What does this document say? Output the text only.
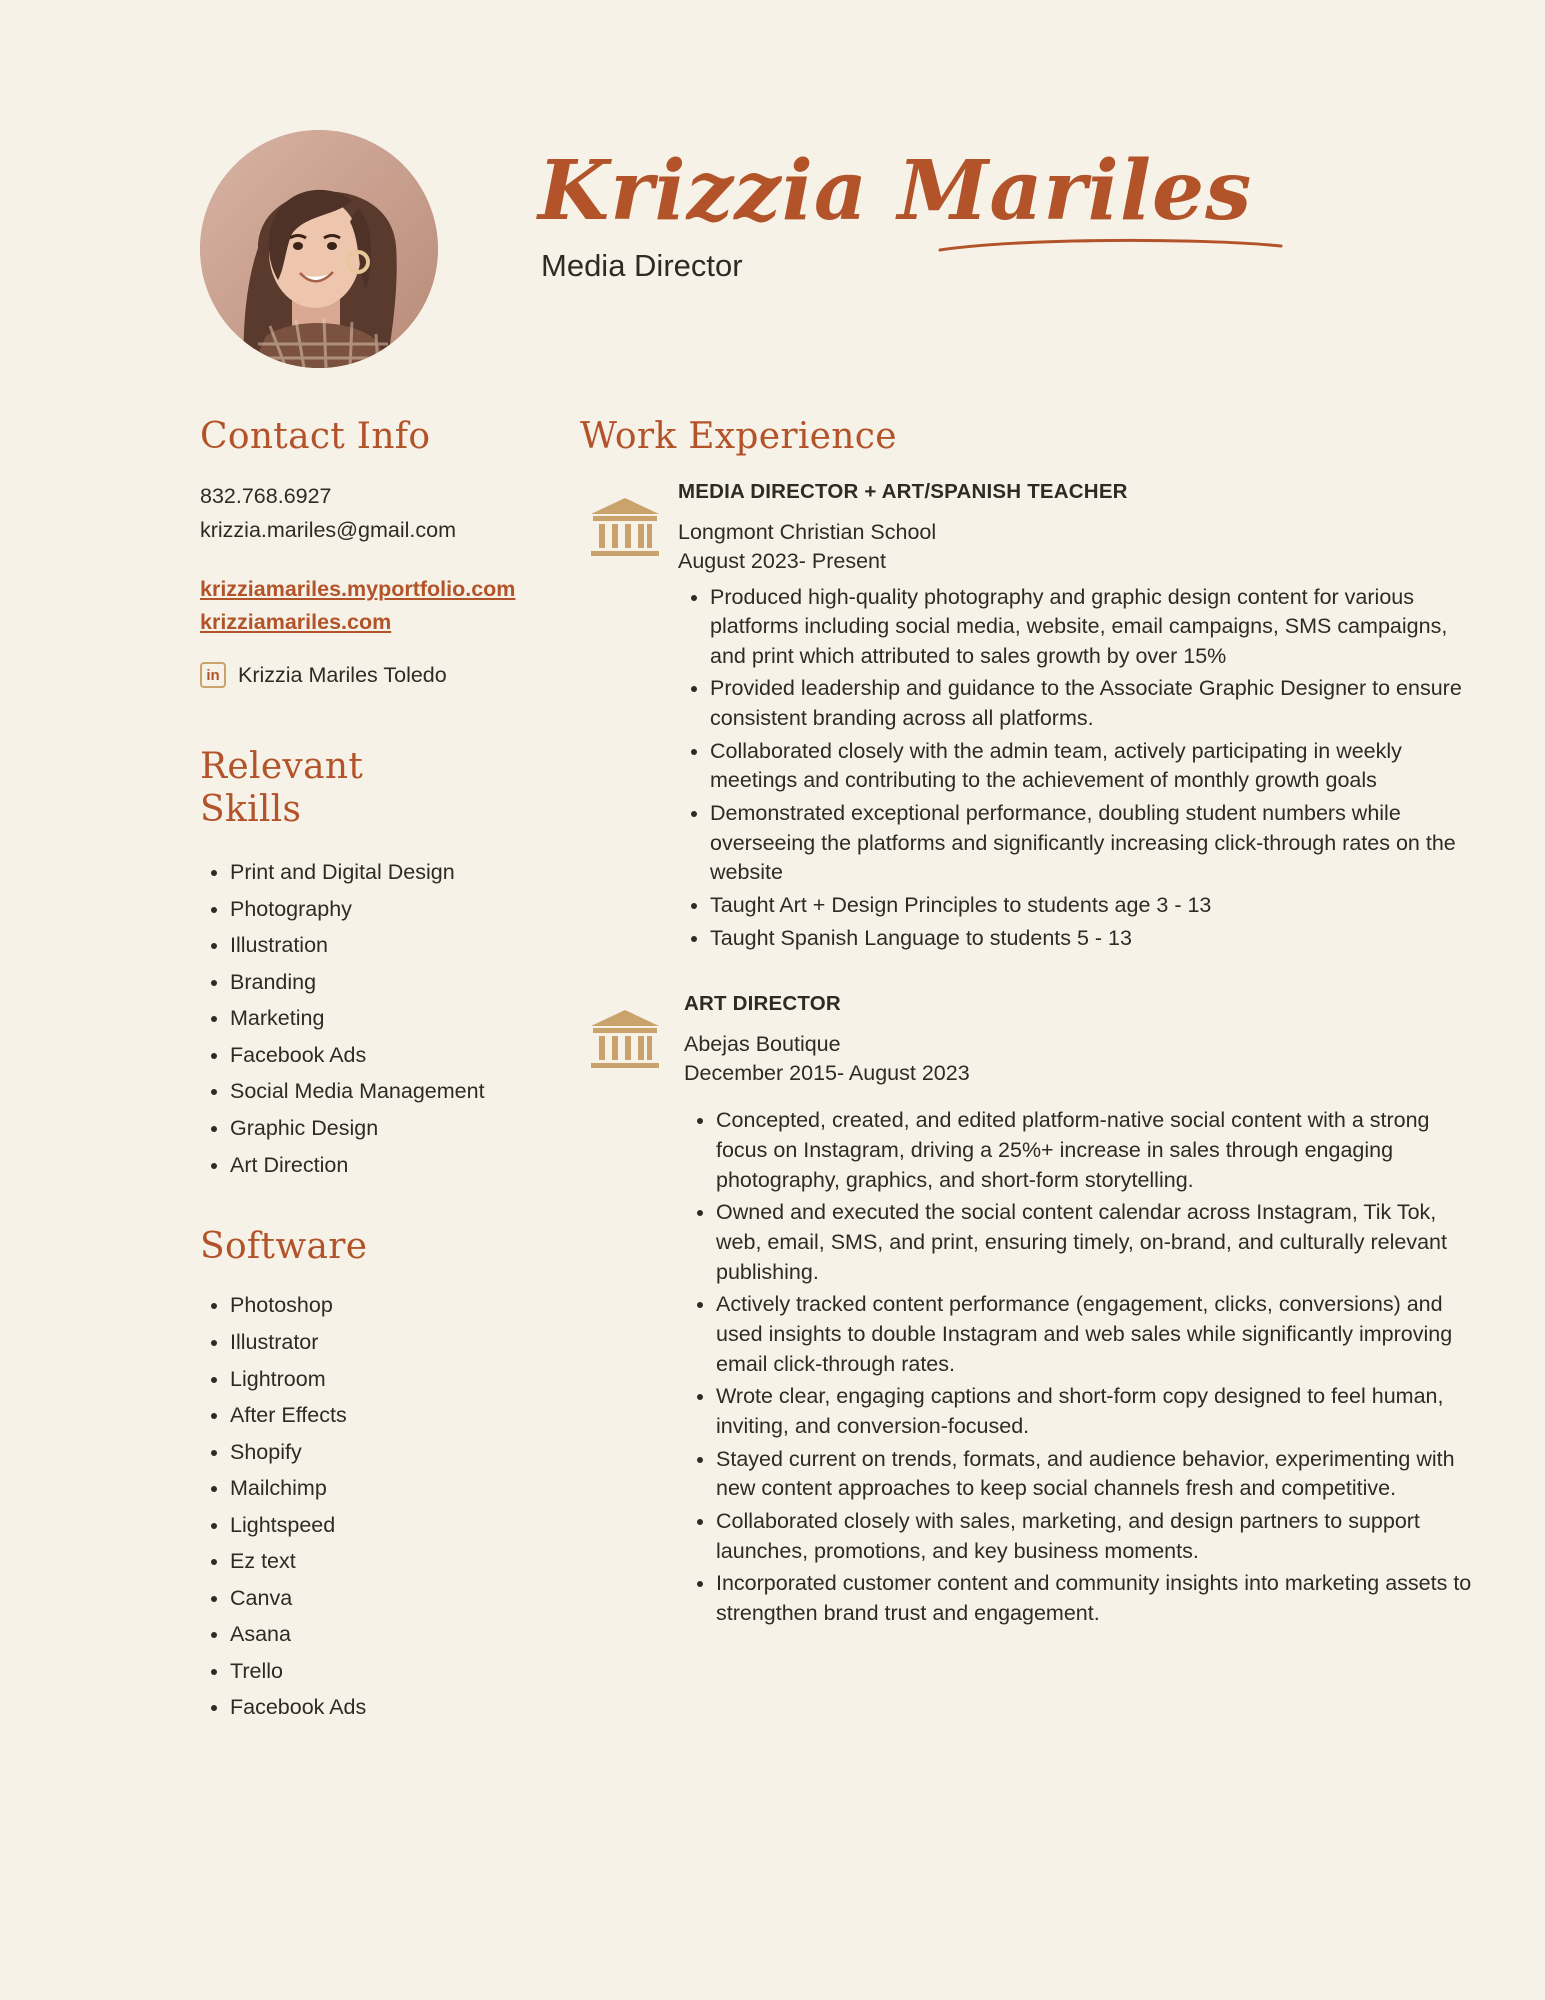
Krizzia Mariles
Media Director
Contact Info
832.768.6927
krizzia.mariles@gmail.com
krizziamariles.myportfolio.com
krizziamariles.com
in Krizzia Mariles Toledo
Relevant
Skills
• Print and Digital Design
• Photography
• Illustration
• Branding
• Marketing
• Facebook Ads
• Social Media Management
• Graphic Design
• Art Direction
Software
• Photoshop
• Illustrator
• Lightroom
• After Effects
• Shopify
• Mailchimp
• Lightspeed
• Ez text
• Canva
• Asana
• Trello
• Facebook Ads
Work Experience
MEDIA DIRECTOR + ART/SPANISH TEACHER
Longmont Christian School
August 2023- Present
• Produced high-quality photography and graphic design content for various platforms including social media, website, email campaigns, SMS campaigns, and print which attributed to sales growth by over 15%
• Provided leadership and guidance to the Associate Graphic Designer to ensure consistent branding across all platforms.
• Collaborated closely with the admin team, actively participating in weekly meetings and contributing to the achievement of monthly growth goals
• Demonstrated exceptional performance, doubling student numbers while overseeing the platforms and significantly increasing click-through rates on the website
• Taught Art + Design Principles to students age 3 - 13
• Taught Spanish Language to students 5 - 13
ART DIRECTOR
Abejas Boutique
December 2015- August 2023
• Concepted, created, and edited platform-native social content with a strong focus on Instagram, driving a 25%+ increase in sales through engaging photography, graphics, and short-form storytelling.
• Owned and executed the social content calendar across Instagram, Tik Tok, web, email, SMS, and print, ensuring timely, on-brand, and culturally relevant publishing.
• Actively tracked content performance (engagement, clicks, conversions) and used insights to double Instagram and web sales while significantly improving email click-through rates.
• Wrote clear, engaging captions and short-form copy designed to feel human, inviting, and conversion-focused.
• Stayed current on trends, formats, and audience behavior, experimenting with new content approaches to keep social channels fresh and competitive.
• Collaborated closely with sales, marketing, and design partners to support launches, promotions, and key business moments.
• Incorporated customer content and community insights into marketing assets to strengthen brand trust and engagement.
